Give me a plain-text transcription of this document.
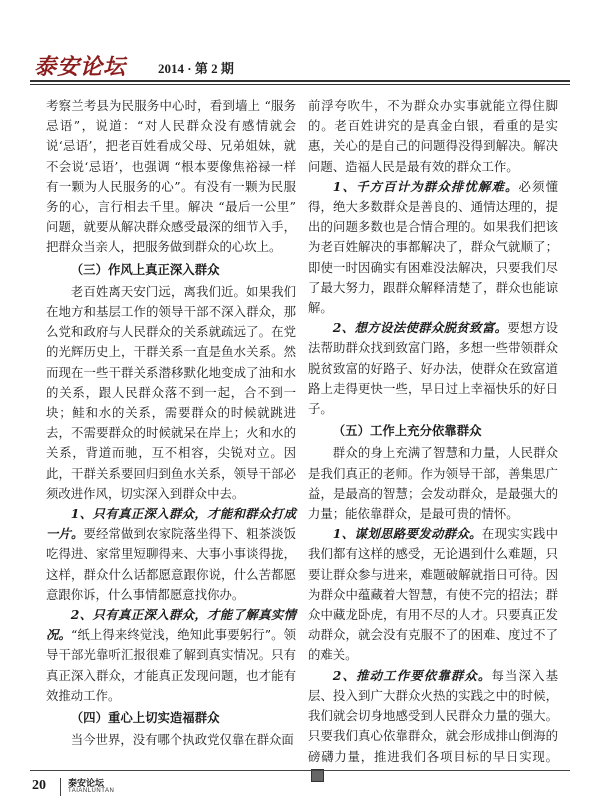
泰安论坛 2014 · 第 2 期

考察兰考县为民服务中心时，看到墙上 “服务忌语”，说道：“对人民群众没有感情就会说‘忌语’，把老百姓看成父母、兄弟姐妹，就不会说‘忌语’，也强调 “根本要像焦裕禄一样有一颗为人民服务的心”。有没有一颗为民服务的心，言行相去千里。解决 “最后一公里” 问题，就要从解决群众感受最深的细节入手，把群众当亲人，把服务做到群众的心坎上。

（三）作风上真正深入群众

老百姓离天安门远，离我们近。如果我们在地方和基层工作的领导干部不深入群众，那么党和政府与人民群众的关系就疏远了。在党的光辉历史上，干群关系一直是鱼水关系。然而现在一些干群关系潜移默化地变成了油和水的关系，跟人民群众落不到一起，合不到一块；鲑和水的关系，需要群众的时候就跳进去，不需要群众的时候就呆在岸上；火和水的关系，背道而驰，互不相容，尖锐对立。因此，干群关系要回归到鱼水关系，领导干部必须改进作风，切实深入到群众中去。

1、只有真正深入群众，才能和群众打成一片。要经常做到农家院落坐得下、粗茶淡饭吃得进、家常里短聊得来、大事小事谈得拢，这样，群众什么话都愿意跟你说，什么苦都愿意跟你诉，什么事情都愿意找你办。

2、只有真正深入群众，才能了解真实情况。“纸上得来终觉浅，绝知此事要躬行”。领导干部光靠听汇报很难了解到真实情况。只有真正深入群众，才能真正发现问题，也才能有效推动工作。

（四）重心上切实造福群众

当今世界，没有哪个执政党仅靠在群众面

前浮夸吹牛，不为群众办实事就能立得住脚的。老百姓讲究的是真金白银，看重的是实惠，关心的是自己的问题得没得到解决。解决问题、造福人民是最有效的群众工作。

1、千方百计为群众排忧解难。必须懂得，绝大多数群众是善良的、通情达理的，提出的问题多数也是合情合理的。如果我们把该为老百姓解决的事都解决了，群众气就顺了；即使一时因确实有困难没法解决，只要我们尽了最大努力，跟群众解释清楚了，群众也能谅解。

2、想方设法使群众脱贫致富。要想方设法帮助群众找到致富门路，多想一些带领群众脱贫致富的好路子、好办法，使群众在致富道路上走得更快一些，早日过上幸福快乐的好日子。

（五）工作上充分依靠群众

群众的身上充满了智慧和力量，人民群众是我们真正的老师。作为领导干部，善集思广益，是最高的智慧；会发动群众，是最强大的力量；能依靠群众，是最可贵的情怀。

1、谋划思路要发动群众。在现实实践中我们都有这样的感受，无论遇到什么难题，只要让群众参与进来，难题破解就指日可待。因为群众中蕴藏着大智慧，有使不完的招法；群众中藏龙卧虎，有用不尽的人才。只要真正发动群众，就会没有克服不了的困难、度过不了的难关。

2、推动工作要依靠群众。每当深入基层、投入到广大群众火热的实践之中的时候，我们就会切身地感受到人民群众力量的强大。只要我们真心依靠群众，就会形成排山倒海的磅礴力量，推进我们各项目标的早日实现。

20 泰安论坛
TAIANLUNTAN
